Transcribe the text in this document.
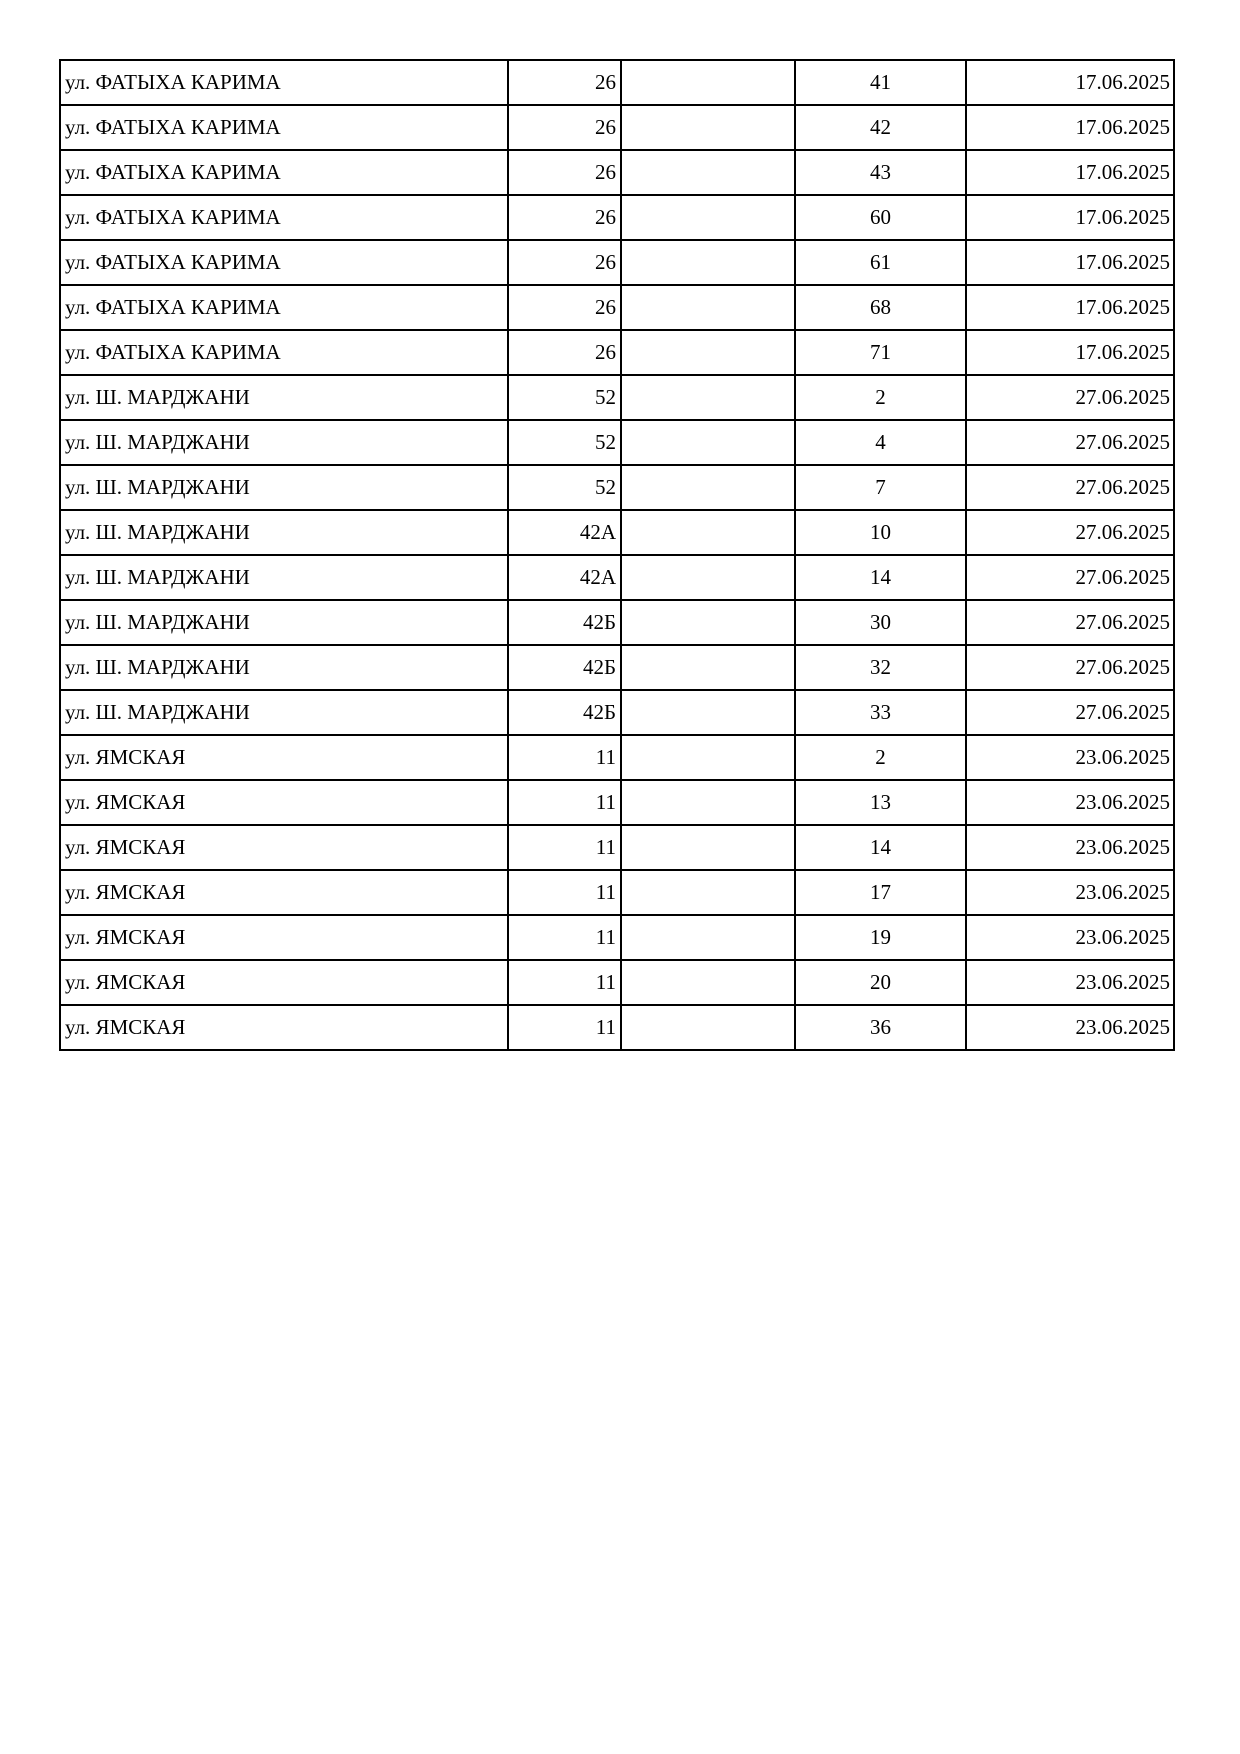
ул. ФАТЫХА КАРИМА	26		41	17.06.2025
ул. ФАТЫХА КАРИМА	26		42	17.06.2025
ул. ФАТЫХА КАРИМА	26		43	17.06.2025
ул. ФАТЫХА КАРИМА	26		60	17.06.2025
ул. ФАТЫХА КАРИМА	26		61	17.06.2025
ул. ФАТЫХА КАРИМА	26		68	17.06.2025
ул. ФАТЫХА КАРИМА	26		71	17.06.2025
ул. Ш. МАРДЖАНИ	52		2	27.06.2025
ул. Ш. МАРДЖАНИ	52		4	27.06.2025
ул. Ш. МАРДЖАНИ	52		7	27.06.2025
ул. Ш. МАРДЖАНИ	42А		10	27.06.2025
ул. Ш. МАРДЖАНИ	42А		14	27.06.2025
ул. Ш. МАРДЖАНИ	42Б		30	27.06.2025
ул. Ш. МАРДЖАНИ	42Б		32	27.06.2025
ул. Ш. МАРДЖАНИ	42Б		33	27.06.2025
ул. ЯМСКАЯ	11		2	23.06.2025
ул. ЯМСКАЯ	11		13	23.06.2025
ул. ЯМСКАЯ	11		14	23.06.2025
ул. ЯМСКАЯ	11		17	23.06.2025
ул. ЯМСКАЯ	11		19	23.06.2025
ул. ЯМСКАЯ	11		20	23.06.2025
ул. ЯМСКАЯ	11		36	23.06.2025
